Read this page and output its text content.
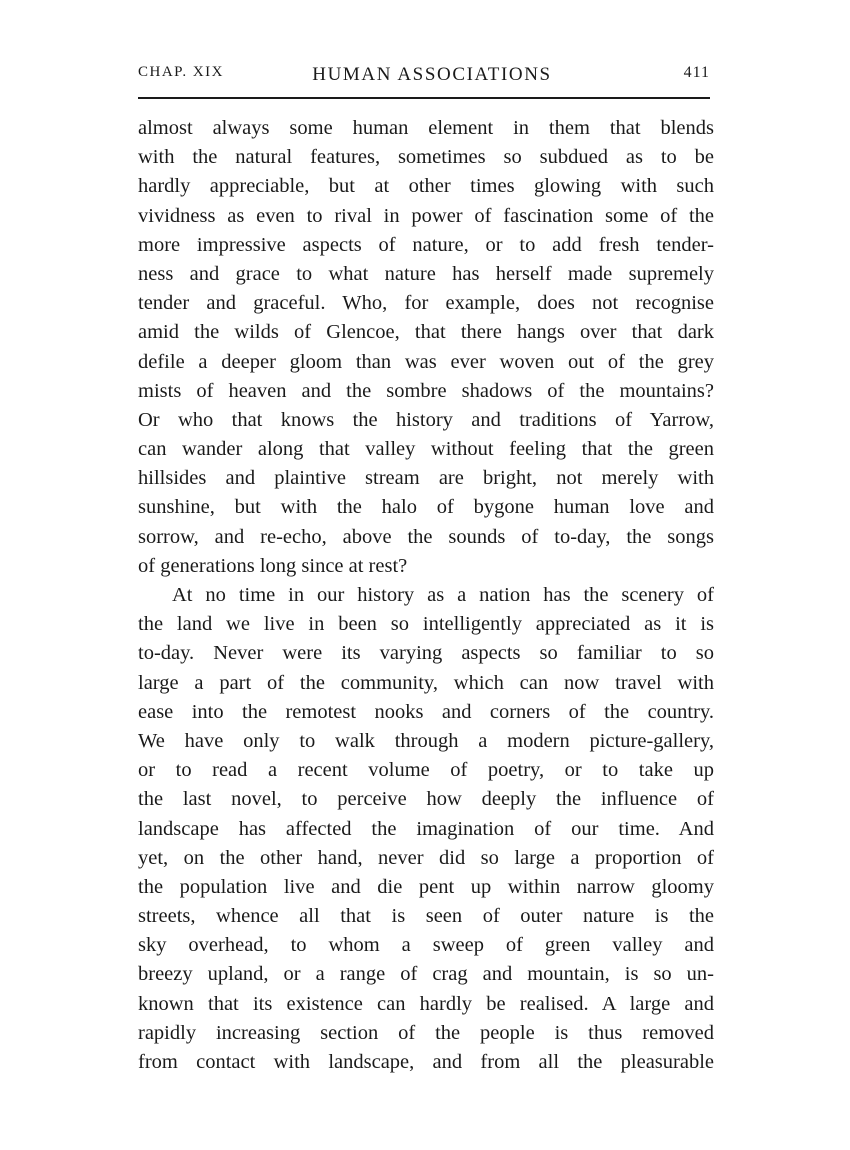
CHAP. XIX	HUMAN ASSOCIATIONS	411
almost always some human element in them that blends
with the natural features, sometimes so subdued as to be
hardly appreciable, but at other times glowing with such
vividness as even to rival in power of fascination some of the
more impressive aspects of nature, or to add fresh tender-
ness and grace to what nature has herself made supremely
tender and graceful. Who, for example, does not recognise
amid the wilds of Glencoe, that there hangs over that dark
defile a deeper gloom than was ever woven out of the grey
mists of heaven and the sombre shadows of the mountains?
Or who that knows the history and traditions of Yarrow,
can wander along that valley without feeling that the green
hillsides and plaintive stream are bright, not merely with
sunshine, but with the halo of bygone human love and
sorrow, and re-echo, above the sounds of to-day, the songs
of generations long since at rest?
At no time in our history as a nation has the scenery of
the land we live in been so intelligently appreciated as it is
to-day. Never were its varying aspects so familiar to so
large a part of the community, which can now travel with
ease into the remotest nooks and corners of the country.
We have only to walk through a modern picture-gallery,
or to read a recent volume of poetry, or to take up
the last novel, to perceive how deeply the influence of
landscape has affected the imagination of our time. And
yet, on the other hand, never did so large a proportion of
the population live and die pent up within narrow gloomy
streets, whence all that is seen of outer nature is the
sky overhead, to whom a sweep of green valley and
breezy upland, or a range of crag and mountain, is so un-
known that its existence can hardly be realised. A large and
rapidly increasing section of the people is thus removed
from contact with landscape, and from all the pleasurable
